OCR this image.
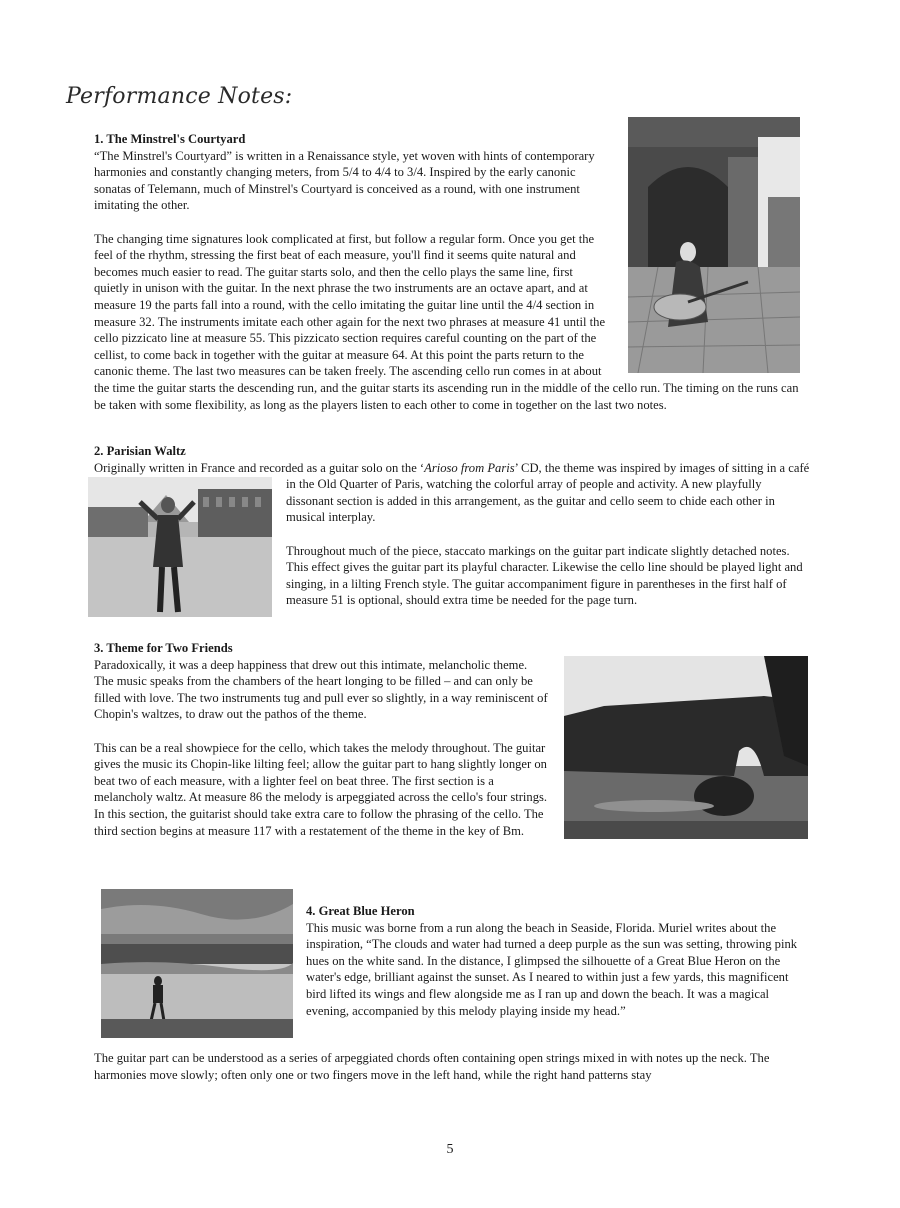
Performance Notes:
1. The Minstrel's Courtyard

“The Minstrel's Courtyard” is written in a Renaissance style, yet woven with hints of contemporary harmonies and constantly changing meters, from 5/4 to 4/4 to 3/4. Inspired by the early canonic sonatas of Telemann, much of Minstrel's Courtyard is conceived as a round, with one instrument imitating the other.

The changing time signatures look complicated at first, but follow a regular form. Once you get the feel of the rhythm, stressing the first beat of each measure, you'll find it seems quite natural and becomes much easier to read. The guitar starts solo, and then the cello plays the same line, first quietly in unison with the guitar. In the next phrase the two instruments are an octave apart, and at measure 19 the parts fall into a round, with the cello imitating the guitar line until the 4/4 section in measure 32. The instruments imitate each other again for the next two phrases at measure 41 until the cello pizzicato line at measure 55. This pizzicato section requires careful counting on the part of the cellist, to come back in together with the guitar at measure 64. At this point the parts return to the canonic theme. The last two measures can be taken freely. The ascending cello run comes in at about the time the guitar starts the descending run, and the guitar starts its ascending run in the middle of the cello run. The timing on the runs can be taken with some flexibility, as long as the players listen to each other to come in together on the last two notes.

2. Parisian Waltz

Originally written in France and recorded as a guitar solo on the ‘Arioso from Paris’ CD, the theme was inspired by images of sitting in a café in the Old Quarter of Paris, watching the colorful array of people and activity. A new playfully dissonant section is added in this arrangement, as the guitar and cello seem to chide each other in musical interplay.

Throughout much of the piece, staccato markings on the guitar part indicate slightly detached notes. This effect gives the guitar part its playful character. Likewise the cello line should be played light and singing, in a lilting French style. The guitar accompaniment figure in parentheses in the first half of measure 51 is optional, should extra time be needed for the page turn.

3. Theme for Two Friends

Paradoxically, it was a deep happiness that drew out this intimate, melancholic theme. The music speaks from the chambers of the heart longing to be filled – and can only be filled with love. The two instruments tug and pull ever so slightly, in a way reminiscent of Chopin's waltzes, to draw out the pathos of the theme.

This can be a real showpiece for the cello, which takes the melody throughout. The guitar gives the music its Chopin-like lilting feel; allow the guitar part to hang slightly longer on beat two of each measure, with a lighter feel on beat three. The first section is a melancholy waltz. At measure 86 the melody is arpeggiated across the cello's four strings. In this section, the guitarist should take extra care to follow the phrasing of the cello. The third section begins at measure 117 with a restatement of the theme in the key of Bm.

4. Great Blue Heron

This music was borne from a run along the beach in Seaside, Florida. Muriel writes about the inspiration, “The clouds and water had turned a deep purple as the sun was setting, throwing pink hues on the white sand. In the distance, I glimpsed the silhouette of a Great Blue Heron on the water's edge, brilliant against the sunset. As I neared to within just a few yards, this magnificent bird lifted its wings and flew alongside me as I ran up and down the beach. It was a magical evening, accompanied by this melody playing inside my head.”

The guitar part can be understood as a series of arpeggiated chords often containing open strings mixed in with notes up the neck. The harmonies move slowly; often only one or two fingers move in the left hand, while the right hand patterns stay

5
